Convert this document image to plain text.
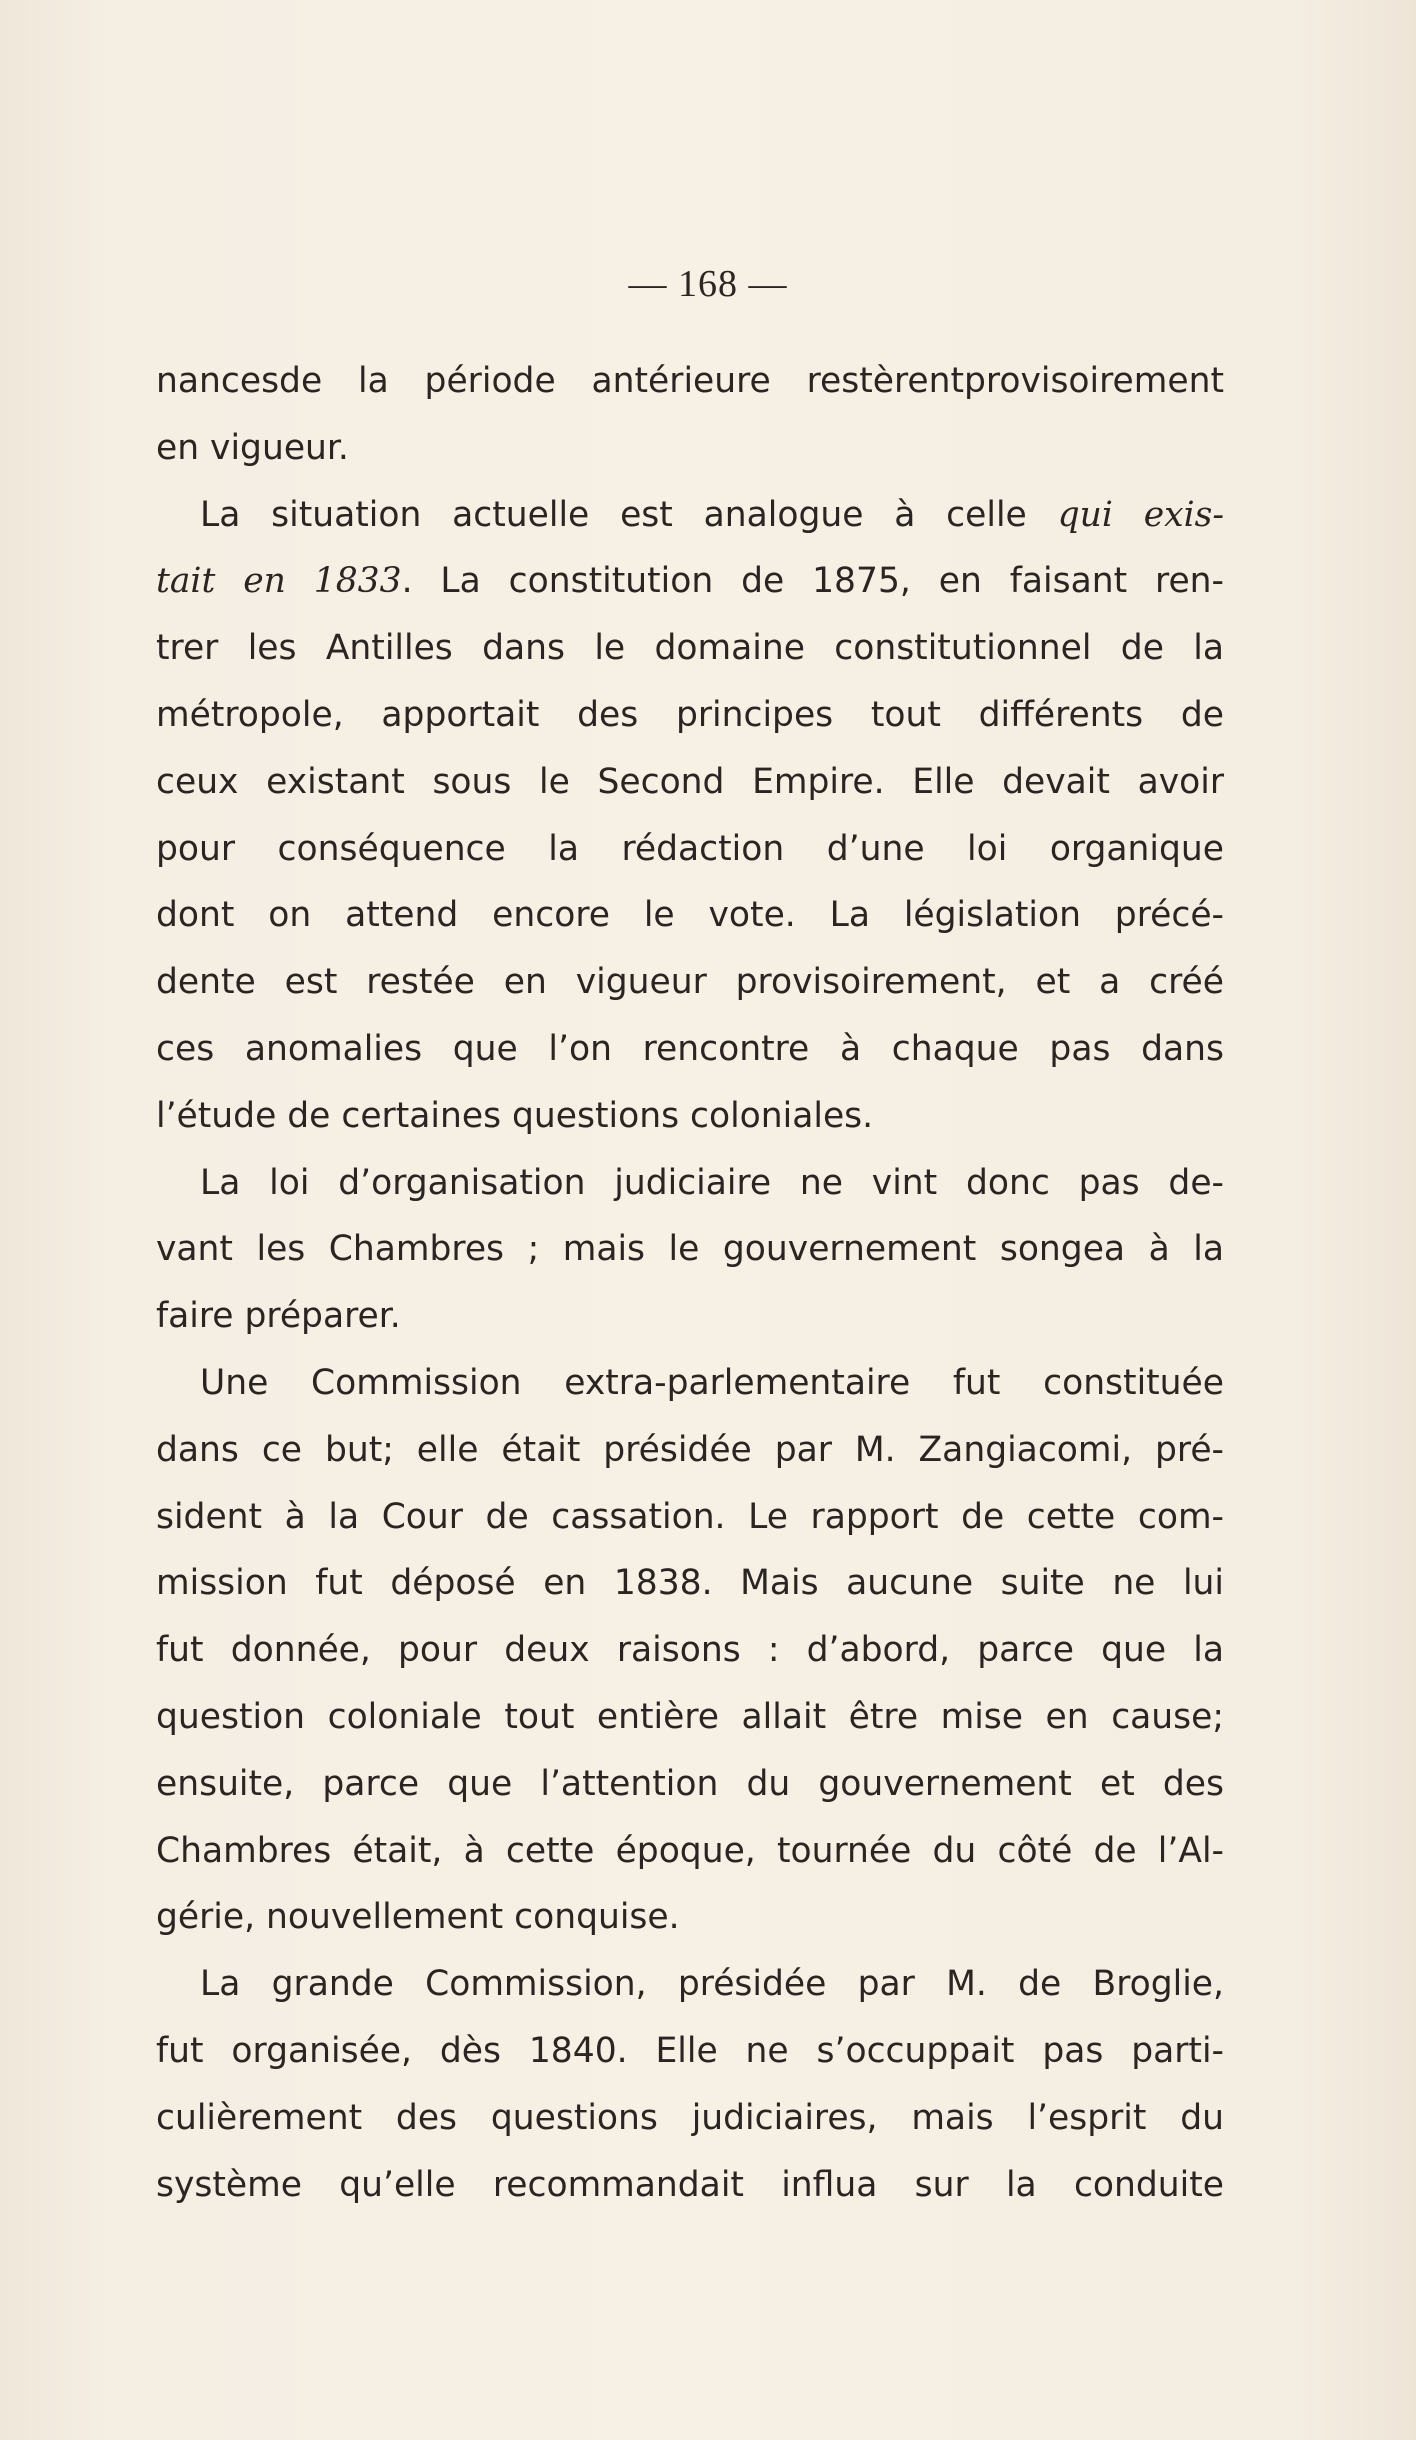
— 168 —
nancesde la période antérieure restèrentprovisoirement
en vigueur.
La situation actuelle est analogue à celle qui exis-
tait en 1833. La constitution de 1875, en faisant ren-
trer les Antilles dans le domaine constitutionnel de la
métropole, apportait des principes tout différents de
ceux existant sous le Second Empire. Elle devait avoir
pour conséquence la rédaction d’une loi organique
dont on attend encore le vote. La législation précé-
dente est restée en vigueur provisoirement, et a créé
ces anomalies que l’on rencontre à chaque pas dans
l’étude de certaines questions coloniales.
La loi d’organisation judiciaire ne vint donc pas de-
vant les Chambres ; mais le gouvernement songea à la
faire préparer.
Une Commission extra-parlementaire fut constituée
dans ce but; elle était présidée par M. Zangiacomi, pré-
sident à la Cour de cassation. Le rapport de cette com-
mission fut déposé en 1838. Mais aucune suite ne lui
fut donnée, pour deux raisons : d’abord, parce que la
question coloniale tout entière allait être mise en cause;
ensuite, parce que l’attention du gouvernement et des
Chambres était, à cette époque, tournée du côté de l’Al-
gérie, nouvellement conquise.
La grande Commission, présidée par M. de Broglie,
fut organisée, dès 1840. Elle ne s’occuppait pas parti-
culièrement des questions judiciaires, mais l’esprit du
système qu’elle recommandait influa sur la conduite
